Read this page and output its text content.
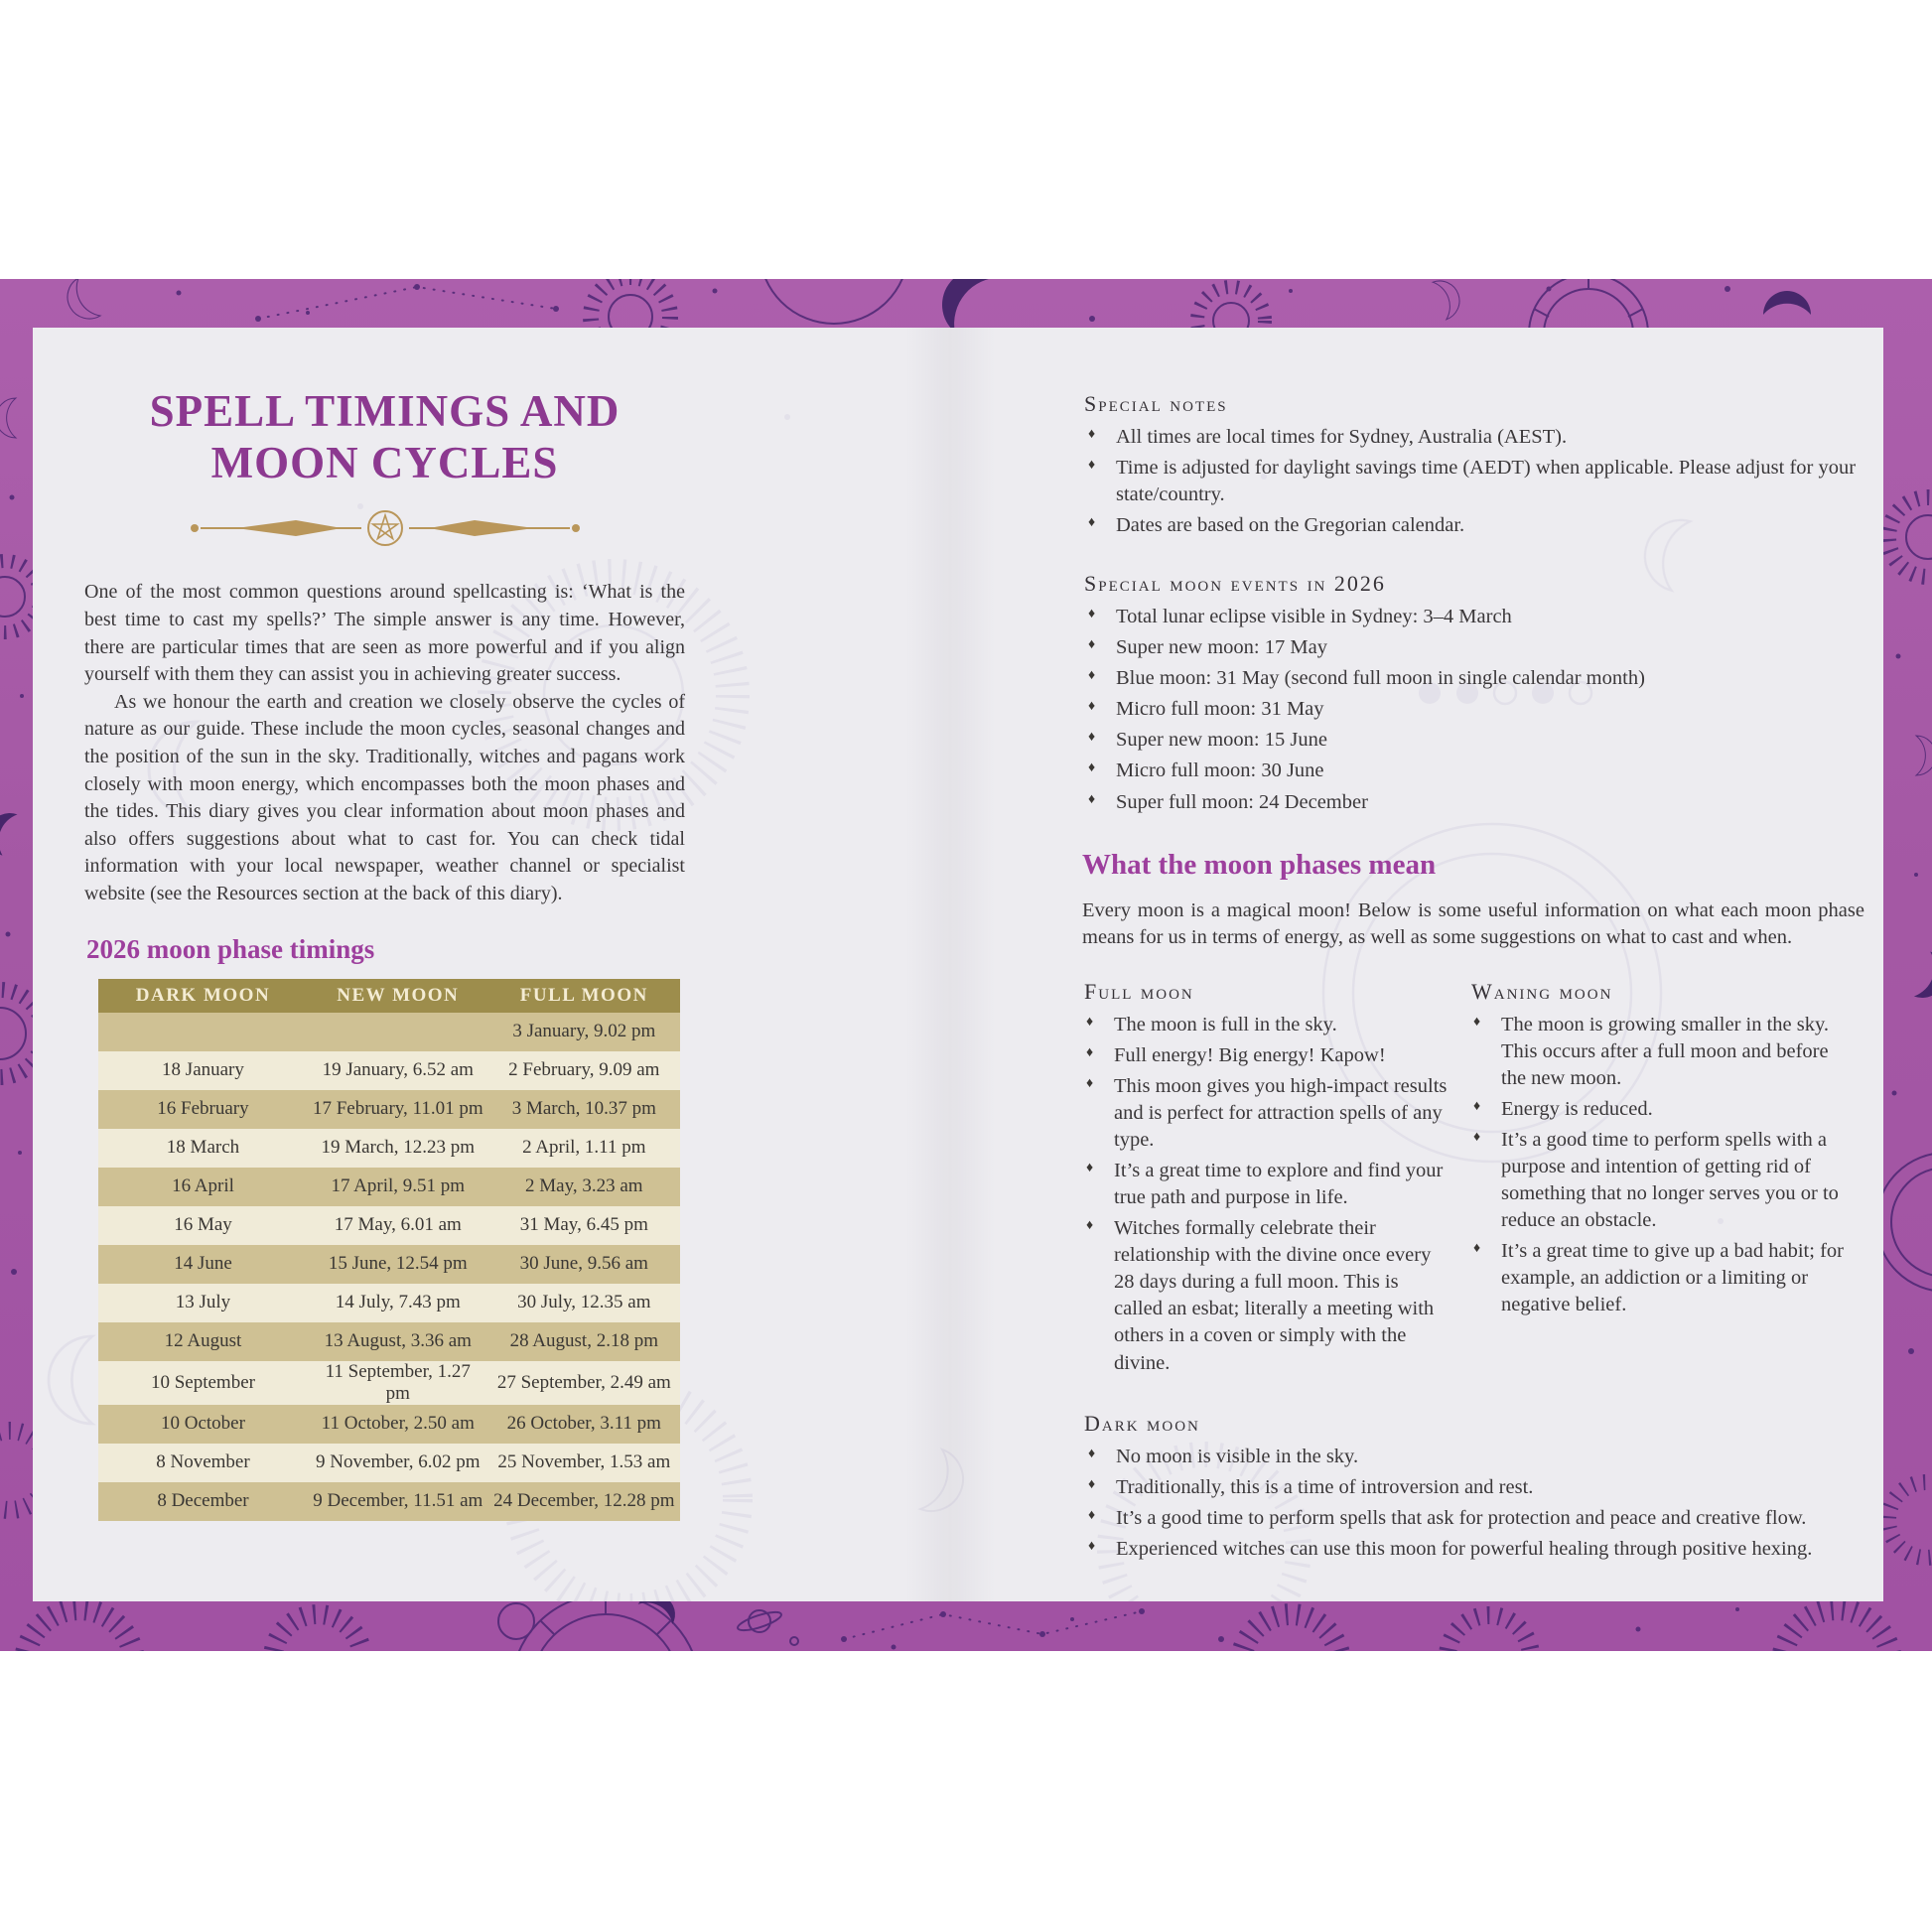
SPELL TIMINGS AND
MOON CYCLES

One of the most common questions around spellcasting is: ‘What is the best time to cast my spells?’ The simple answer is any time. However, there are particular times that are seen as more powerful and if you align yourself with them they can assist you in achieving greater success.

As we honour the earth and creation we closely observe the cycles of nature as our guide. These include the moon cycles, seasonal changes and the position of the sun in the sky. Traditionally, witches and pagans work closely with moon energy, which encompasses both the moon phases and the tides. This diary gives you clear information about moon phases and also offers suggestions about what to cast for. You can check tidal information with your local newspaper, weather channel or specialist website (see the Resources section at the back of this diary).

2026 moon phase timings
DARK MOON	NEW MOON	FULL MOON
		3 January, 9.02 pm
18 January	19 January, 6.52 am	2 February, 9.09 am
16 February	17 February, 11.01 pm	3 March, 10.37 pm
18 March	19 March, 12.23 pm	2 April, 1.11 pm
16 April	17 April, 9.51 pm	2 May, 3.23 am
16 May	17 May, 6.01 am	31 May, 6.45 pm
14 June	15 June, 12.54 pm	30 June, 9.56 am
13 July	14 July, 7.43 pm	30 July, 12.35 am
12 August	13 August, 3.36 am	28 August, 2.18 pm
10 September	11 September, 1.27 pm	27 September, 2.49 am
10 October	11 October, 2.50 am	26 October, 3.11 pm
8 November	9 November, 6.02 pm	25 November, 1.53 am
8 December	9 December, 11.51 am	24 December, 12.28 pm
Special notes
♦	All times are local times for Sydney, Australia (AEST).
♦	Time is adjusted for daylight savings time (AEDT) when applicable. Please adjust for your state/country.
♦	Dates are based on the Gregorian calendar.
Special moon events in 2026
♦	Total lunar eclipse visible in Sydney: 3–4 March
♦	Super new moon: 17 May
♦	Blue moon: 31 May (second full moon in single calendar month)
♦	Micro full moon: 31 May
♦	Super new moon: 15 June
♦	Micro full moon: 30 June
♦	Super full moon: 24 December
What the moon phases mean

Every moon is a magical moon! Below is some useful information on what each moon phase means for us in terms of energy, as well as some suggestions on what to cast and when.

Full moon
♦	The moon is full in the sky.
♦	Full energy! Big energy! Kapow!
♦	This moon gives you high-impact results and is perfect for attraction spells of any type.
♦	It’s a great time to explore and find your true path and purpose in life.
♦	Witches formally celebrate their relationship with the divine once every 28 days during a full moon. This is called an esbat; literally a meeting with others in a coven or simply with the divine.
Waning moon
♦	The moon is growing smaller in the sky. This occurs after a full moon and before the new moon.
♦	Energy is reduced.
♦	It’s a good time to perform spells with a purpose and intention of getting rid of something that no longer serves you or to reduce an obstacle.
♦	It’s a great time to give up a bad habit; for example, an addiction or a limiting or negative belief.
Dark moon
♦	No moon is visible in the sky.
♦	Traditionally, this is a time of introversion and rest.
♦	It’s a good time to perform spells that ask for protection and peace and creative flow.
♦	Experienced witches can use this moon for powerful healing through positive hexing.
